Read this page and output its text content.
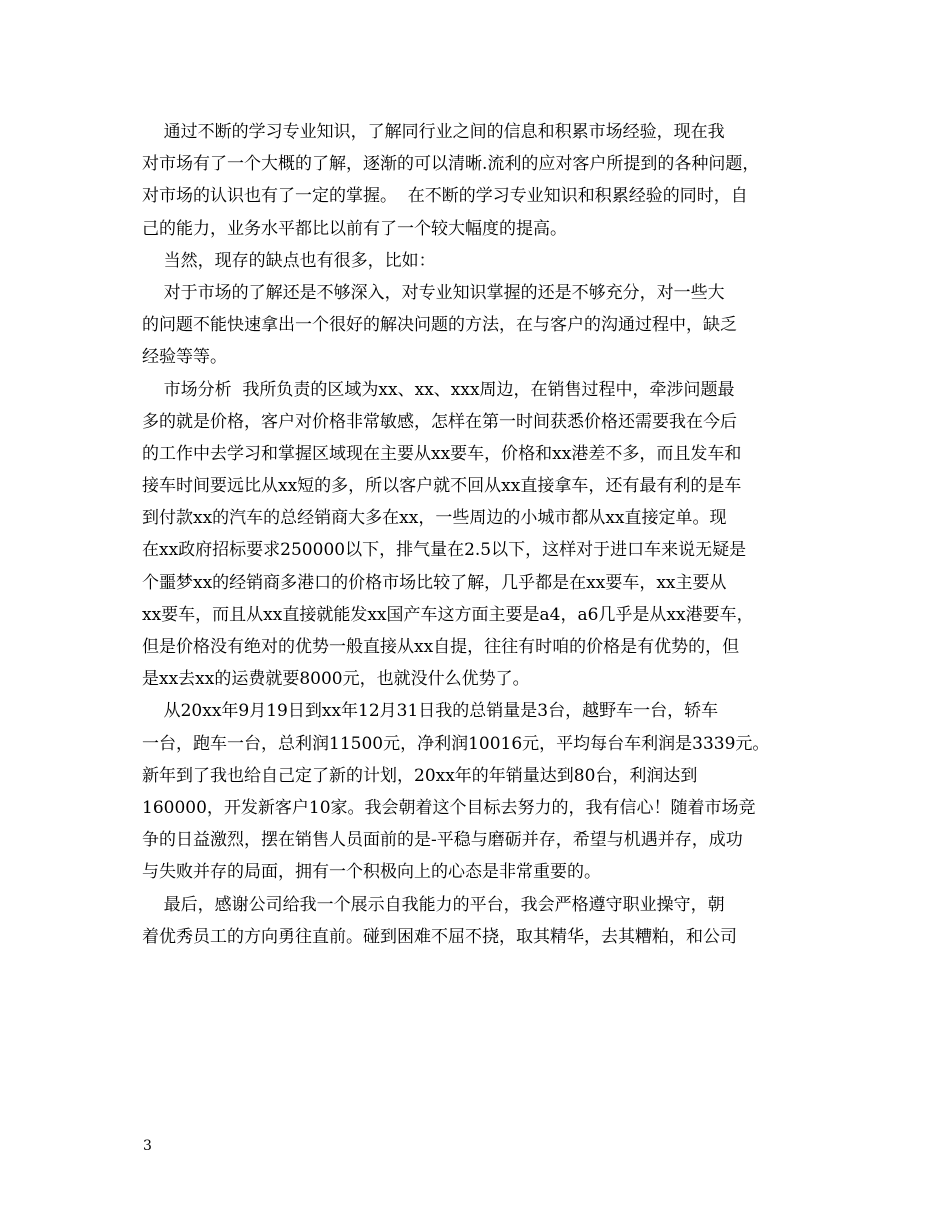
通过不断的学习专业知识，了解同行业之间的信息和积累市场经验，现在我
对市场有了一个大概的了解，逐渐的可以清晰.流利的应对客户所提到的各种问题，
对市场的认识也有了一定的掌握。  在不断的学习专业知识和积累经验的同时，自
己的能力，业务水平都比以前有了一个较大幅度的提高。
当然，现存的缺点也有很多，比如：
对于市场的了解还是不够深入，对专业知识掌握的还是不够充分，对一些大
的问题不能快速拿出一个很好的解决问题的方法，在与客户的沟通过程中，缺乏
经验等等。
市场分析  我所负责的区域为xx、xx、xxx周边，在销售过程中，牵涉问题最
多的就是价格，客户对价格非常敏感，怎样在第一时间获悉价格还需要我在今后
的工作中去学习和掌握区域现在主要从xx要车，价格和xx港差不多，而且发车和
接车时间要远比从xx短的多，所以客户就不回从xx直接拿车，还有最有利的是车
到付款xx的汽车的总经销商大多在xx，一些周边的小城市都从xx直接定单。现
在xx政府招标要求250000以下，排气量在2.5以下，这样对于进口车来说无疑是
个噩梦xx的经销商多港口的价格市场比较了解，几乎都是在xx要车，xx主要从
xx要车，而且从xx直接就能发xx国产车这方面主要是a4，a6几乎是从xx港要车，
但是价格没有绝对的优势一般直接从xx自提，往往有时咱的价格是有优势的，但
是xx去xx的运费就要8000元，也就没什么优势了。
从20xx年9月19日到xx年12月31日我的总销量是3台，越野车一台，轿车
一台，跑车一台，总利润11500元，净利润10016元，平均每台车利润是3339元。
新年到了我也给自己定了新的计划，20xx年的年销量达到80台，利润达到
160000，开发新客户10家。我会朝着这个目标去努力的，我有信心！随着市场竞
争的日益激烈，摆在销售人员面前的是-平稳与磨砺并存，希望与机遇并存，成功
与失败并存的局面，拥有一个积极向上的心态是非常重要的。
最后，感谢公司给我一个展示自我能力的平台，我会严格遵守职业操守，朝
着优秀员工的方向勇往直前。碰到困难不屈不挠，取其精华，去其糟粕，和公司
3
